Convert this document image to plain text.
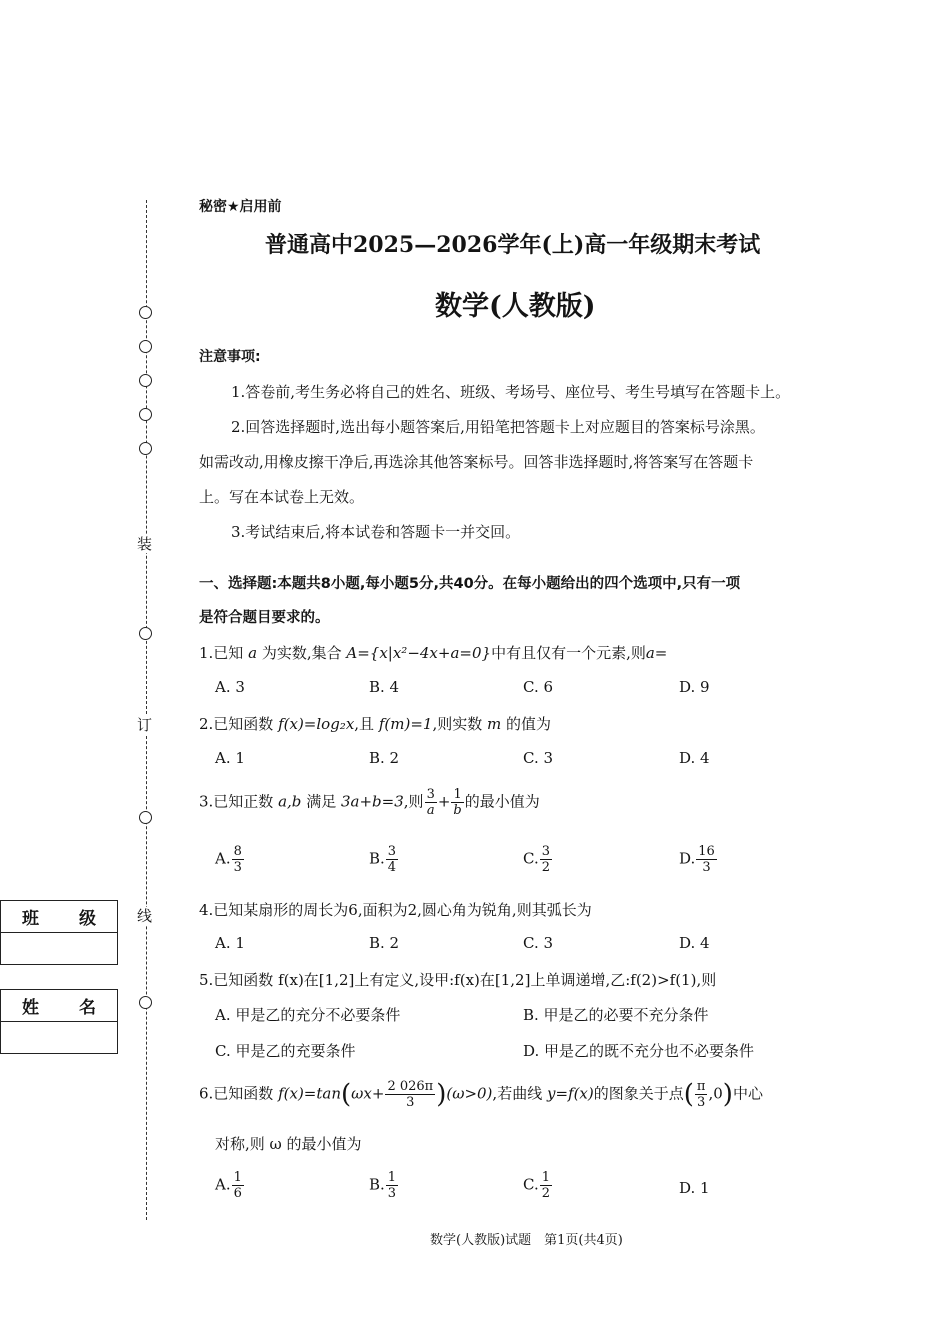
装
订
线
班 级
姓 名
秘密★启用前
普通高中2025—2026学年(上)高一年级期末考试
数学(人教版)
注意事项:
1.答卷前,考生务必将自己的姓名、班级、考场号、座位号、考生号填写在答题卡上。
2.回答选择题时,选出每小题答案后,用铅笔把答题卡上对应题目的答案标号涂黑。
如需改动,用橡皮擦干净后,再选涂其他答案标号。回答非选择题时,将答案写在答题卡
上。写在本试卷上无效。
3.考试结束后,将本试卷和答题卡一并交回。
一、选择题:本题共8小题,每小题5分,共40分。在每小题给出的四个选项中,只有一项
是符合题目要求的。
1.已知 a 为实数,集合 A={x|x²−4x+a=0}中有且仅有一个元素,则a=
A. 3	B. 4	C. 6	D. 9
2.已知函数 f(x)=log₂x,且 f(m)=1,则实数 m 的值为
A. 1	B. 2	C. 3	D. 4
3.已知正数 a,b 满足 3a+b=3,则 $\frac{3}{a} + \frac{1}{b}$ 的最小值为
A. $\frac{8}{3}$	B. $\frac{3}{4}$	C. $\frac{3}{2}$	D. $\frac{16}{3}$
4.已知某扇形的周长为6,面积为2,圆心角为锐角,则其弧长为
A. 1	B. 2	C. 3	D. 4
5.已知函数 f(x)在[1,2]上有定义,设甲:f(x)在[1,2]上单调递增,乙:f(2)>f(1),则
A. 甲是乙的充分不必要条件	B. 甲是乙的必要不充分条件
C. 甲是乙的充要条件	D. 甲是乙的既不充分也不必要条件
6.已知函数 $f(x)=\tan(\omega x+ \frac{2 026\pi}{3} )(\omega>0)$,若曲线 y=f(x)的图象关于点( $\frac{\pi}{3} ,0$)中心
对称,则 ω 的最小值为
A. $\frac{1}{6}$	B. $\frac{1}{3}$	C. $\frac{1}{2}$	D. 1
数学(人教版)试题　第1页(共4页)
